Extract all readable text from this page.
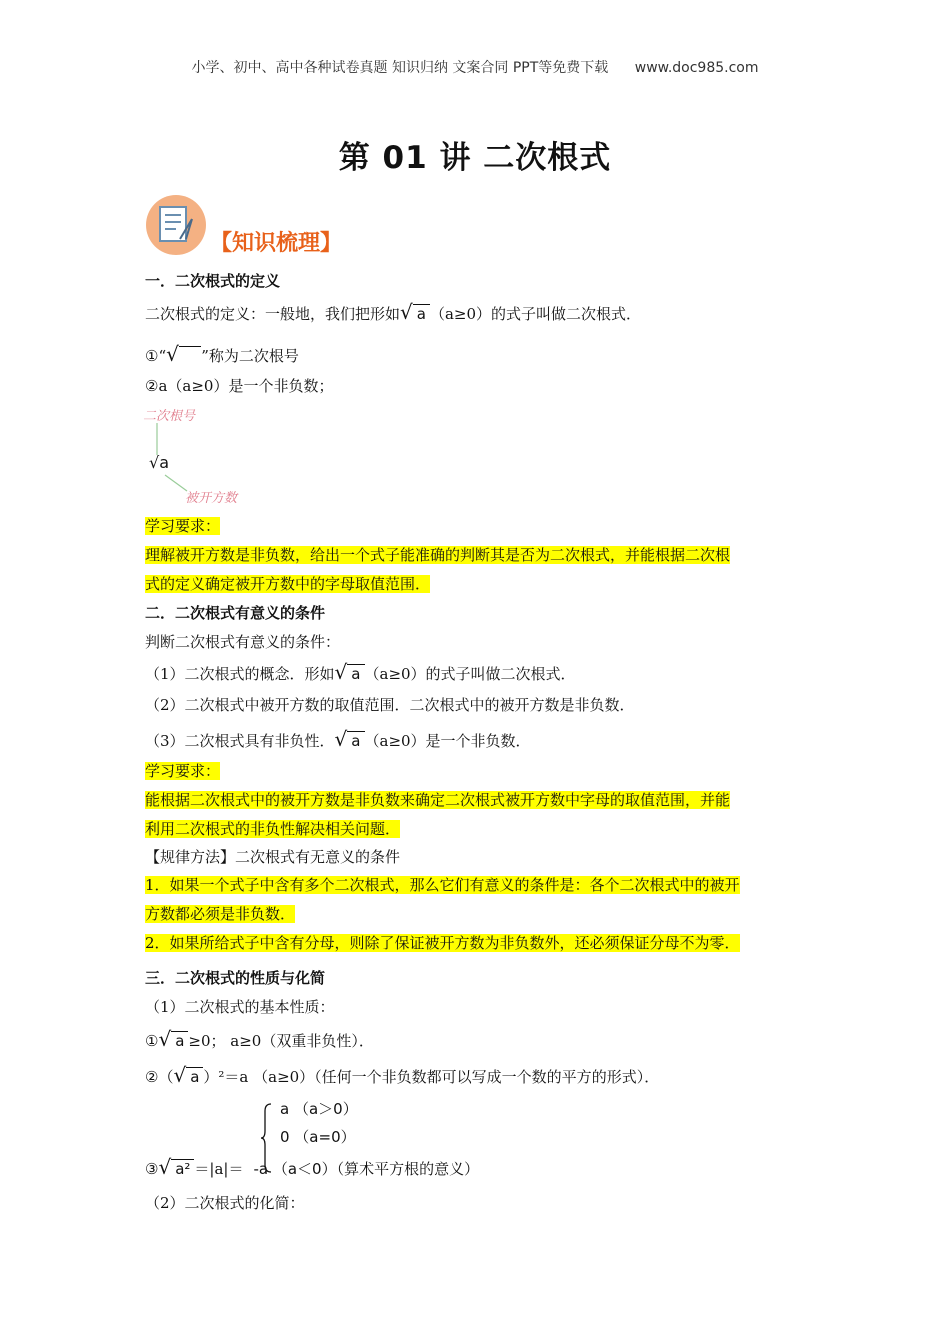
小学、初中、高中各种试卷真题 知识归纳 文案合同 PPT等免费下载 www.doc985.com
第 01 讲 二次根式
【知识梳理】
一．二次根式的定义
二次根式的定义：一般地，我们把形如√ a （a≥0）的式子叫做二次根式．
①“√ ”称为二次根号
②a（a≥0）是一个非负数；
二次根号
√a
被开方数
学习要求：
理解被开方数是非负数，给出一个式子能准确的判断其是否为二次根式，并能根据二次根
式的定义确定被开方数中的字母取值范围．
二．二次根式有意义的条件
判断二次根式有意义的条件：
（1）二次根式的概念．形如√ a （a≥0）的式子叫做二次根式．
（2）二次根式中被开方数的取值范围．二次根式中的被开方数是非负数．
（3）二次根式具有非负性．√ a （a≥0）是一个非负数．
学习要求：
能根据二次根式中的被开方数是非负数来确定二次根式被开方数中字母的取值范围，并能
利用二次根式的非负性解决相关问题．
【规律方法】二次根式有无意义的条件
1．如果一个式子中含有多个二次根式，那么它们有意义的条件是：各个二次根式中的被开
方数都必须是非负数．
2．如果所给式子中含有分母，则除了保证被开方数为非负数外，还必须保证分母不为零．
三．二次根式的性质与化简
（1）二次根式的基本性质：
①√ a ≥0； a≥0（双重非负性）．
②（√ a ）²＝a （a≥0）（任何一个非负数都可以写成一个数的平方的形式）．
a （a＞0）
0 （a=0）
③√ a² ＝|a|＝ -a （a＜0）（算术平方根的意义）
（2）二次根式的化简：
